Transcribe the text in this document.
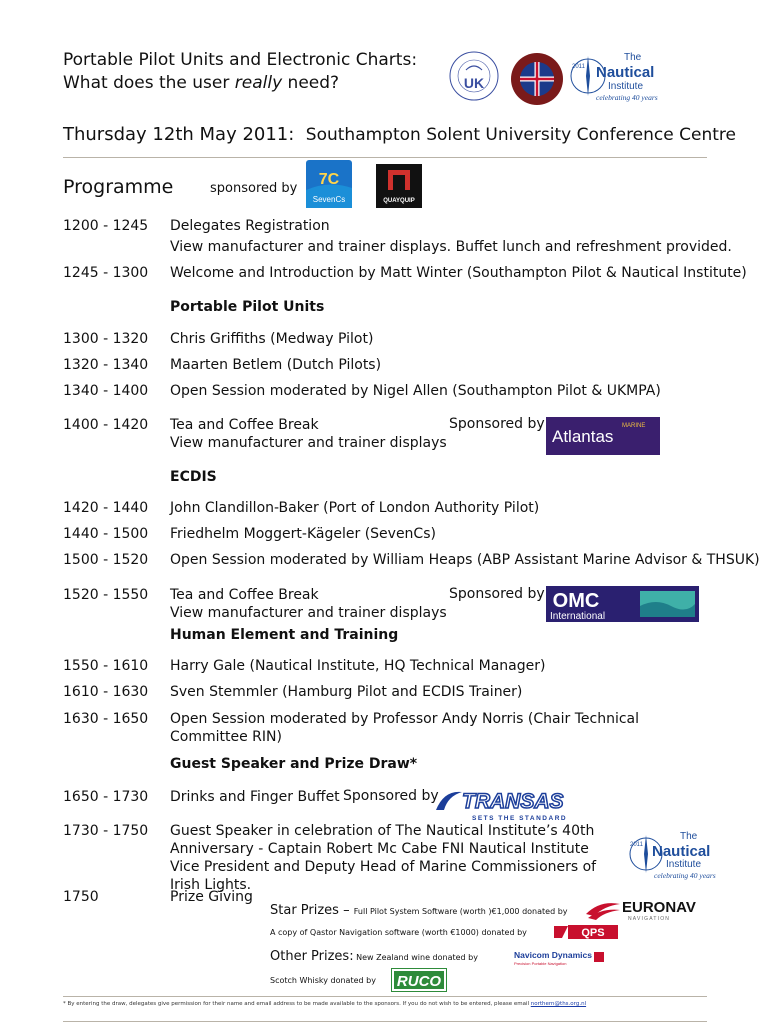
Portable Pilot Units and Electronic Charts:
What does the user really need?	UK
2011
The
Nautical
Institute
celebrating 40 years
Thursday 12th May 2011: Southampton Solent University Conference Centre
Programme	sponsored by
7C
SevenCs	QUAYQUIP
1200 - 1245	Delegates Registration
View manufacturer and trainer displays. Buffet lunch and refreshment provided.
1245 - 1300	Welcome and Introduction by Matt Winter (Southampton Pilot & Nautical Institute)
Portable Pilot Units
1300 - 1320	Chris Griffiths (Medway Pilot)
1320 - 1340	Maarten Betlem (Dutch Pilots)
1340 - 1400	Open Session moderated by Nigel Allen (Southampton Pilot & UKMPA)
1400 - 1420	Tea and Coffee Break
View manufacturer and trainer displays
Sponsored by
Atlantas
MARINE
ECDIS
1420 - 1440	John Clandillon-Baker (Port of London Authority Pilot)
1440 - 1500	Friedhelm Moggert-Kägeler (SevenCs)
1500 - 1520	Open Session moderated by William Heaps (ABP Assistant Marine Advisor & THSUK)
1520 - 1550	Tea and Coffee Break
View manufacturer and trainer displays
Sponsored by OMC
International
Human Element and Training
1550 - 1610	Harry Gale (Nautical Institute, HQ Technical Manager)
1610 - 1630	Sven Stemmler (Hamburg Pilot and ECDIS Trainer)
1630 - 1650	Open Session moderated by Professor Andy Norris (Chair Technical Committee RIN)
Guest Speaker and Prize Draw*
1650 - 1730	Drinks and Finger Buffet Sponsored by TRANSAS
SETS THE STANDARD
1730 - 1750	Guest Speaker in celebration of The Nautical Institute’s 40th Anniversary - Captain Robert Mc Cabe FNI Nautical Institute Vice President and Deputy Head of Marine Commissioners of Irish Lights.
2011
The
Nautical
Institute
celebrating 40 years
1750	Prize Giving
Star Prizes – Full Pilot System Software (worth )€1,000 donated by	EURONAV
NAVIGATION
A copy of Qastor Navigation software (worth €1000) donated by	QPS
Other Prizes: New Zealand wine donated by	Navicom Dynamics
Precision Portable Navigation
Scotch Whisky donated by RUCO
* By entering the draw, delegates give permission for their name and email address to be made available to the sponsors. If you do not wish to be entered, please email northern@ths.org.nl
